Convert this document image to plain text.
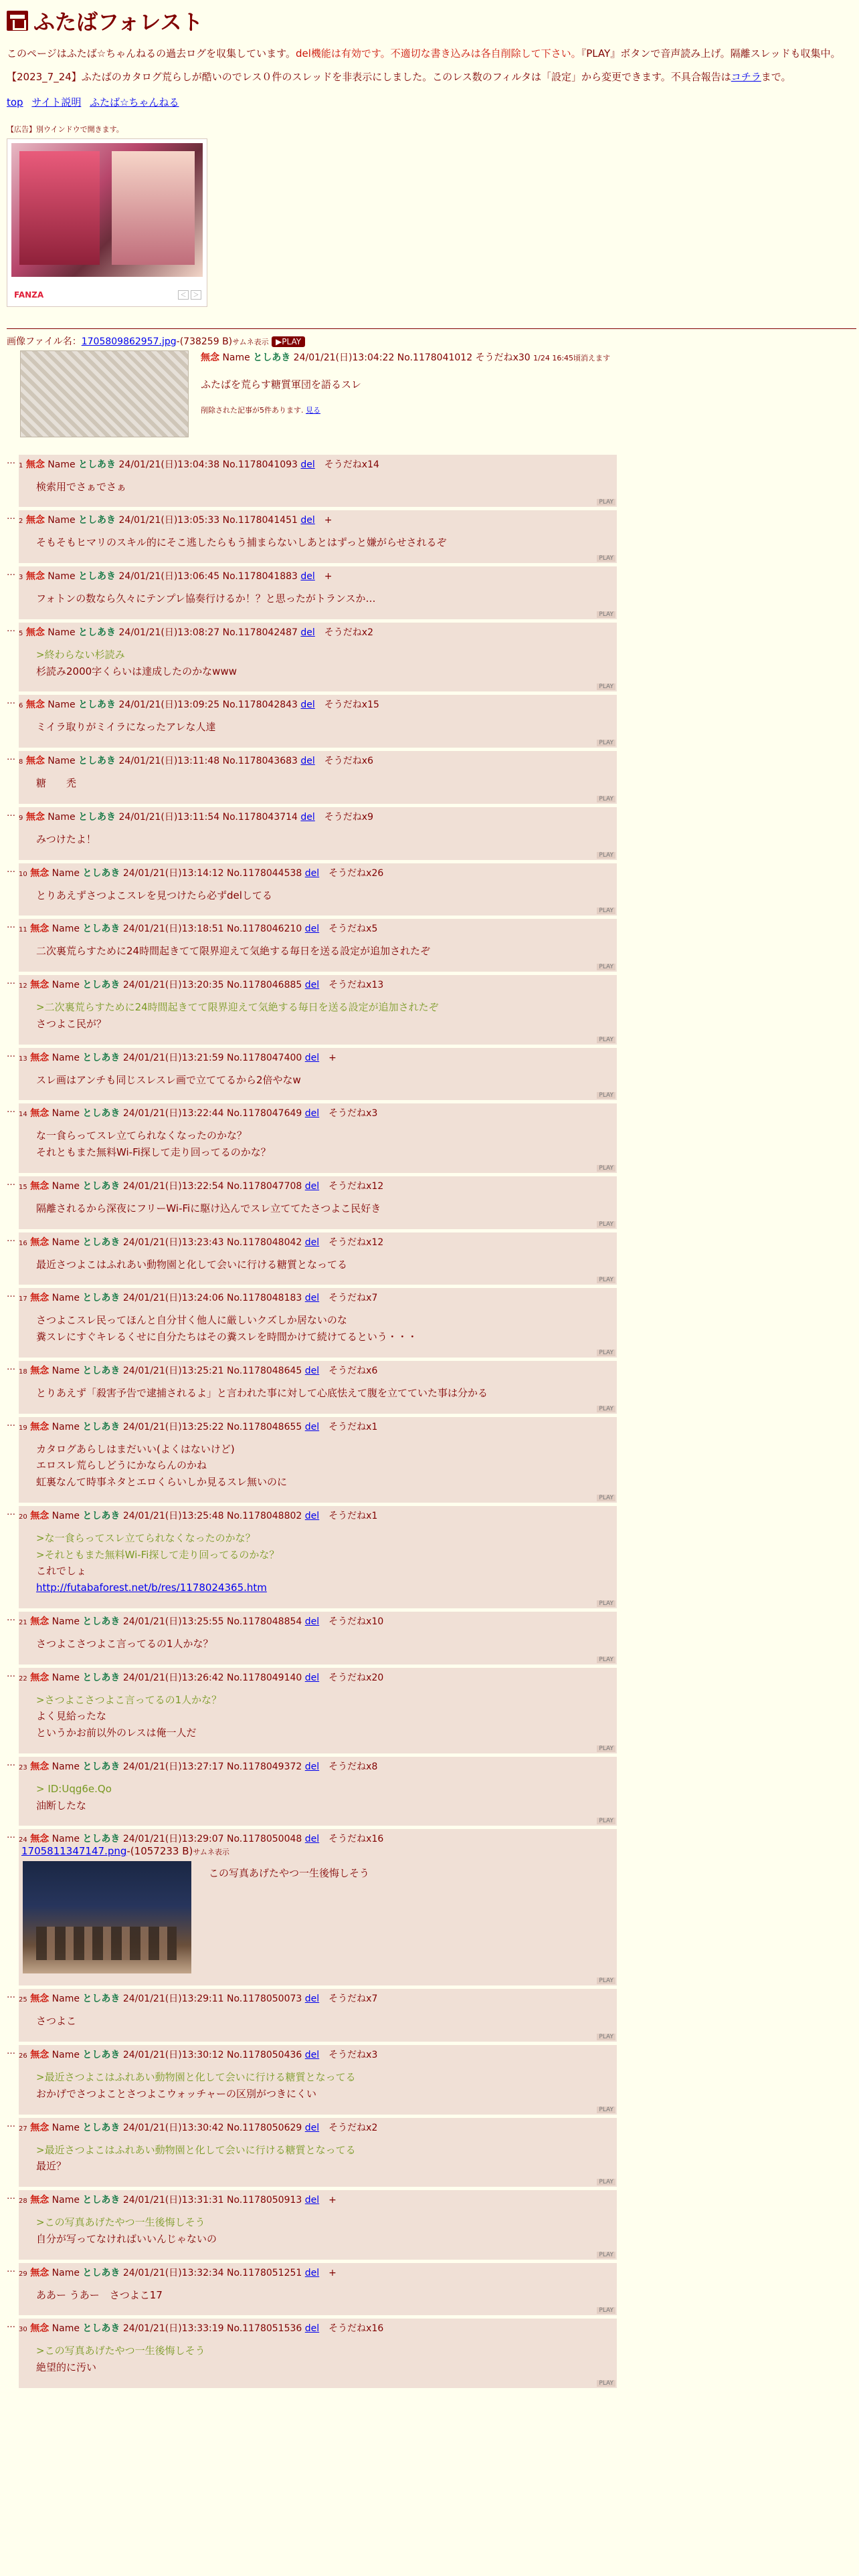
ふたばフォレスト

このページはふたば☆ちゃんねるの過去ログを収集しています。del機能は有効です。不適切な書き込みは各自削除して下さい。『PLAY』ボタンで音声読み上げ。隔離スレッドも収集中。

【2023_7_24】ふたばのカタログ荒らしが酷いのでレス０件のスレッドを非表示にしました。このレス数のフィルタは「設定」から変更できます。不具合報告はコチラまで。

top サイト説明 ふたば☆ちゃんねる
【広告】別ウインドウで開きます。
FANZA	＜	＞
画像ファイル名：1705809862957.jpg-(738259 B)サムネ表示 ▶PLAY
無念 Name としあき 24/01/21(日)13:04:22 No.1178041012 そうだねx30 1/24 16:45頃消えます
ふたばを荒らす糖質軍団を語るスレ
削除された記事が5件あります. 見る
… 1 無念 Name としあき 24/01/21(日)13:04:38 No.1178041093 del　 そうだねx14
検索用でさぁでさぁ
PLAY
… 2 無念 Name としあき 24/01/21(日)13:05:33 No.1178041451 del　 +
そもそもヒマリのスキル的にそこ逃したらもう捕まらないしあとはずっと嫌がらせされるぞ
PLAY
… 3 無念 Name としあき 24/01/21(日)13:06:45 No.1178041883 del　 +
フォトンの数なら久々にテンプレ協奏行けるか！？と思ったがトランスか…
PLAY
… 5 無念 Name としあき 24/01/21(日)13:08:27 No.1178042487 del　 そうだねx2
>終わらない杉読み
杉読み2000字くらいは達成したのかなwww
PLAY
… 6 無念 Name としあき 24/01/21(日)13:09:25 No.1178042843 del　 そうだねx15
ミイラ取りがミイラになったアレな人達
PLAY
… 8 無念 Name としあき 24/01/21(日)13:11:48 No.1178043683 del　 そうだねx6
糖　　禿
PLAY
… 9 無念 Name としあき 24/01/21(日)13:11:54 No.1178043714 del　 そうだねx9
みつけたよ！
PLAY
… 10 無念 Name としあき 24/01/21(日)13:14:12 No.1178044538 del　 そうだねx26
とりあえずさつよこスレを見つけたら必ずdelしてる
PLAY
… 11 無念 Name としあき 24/01/21(日)13:18:51 No.1178046210 del　 そうだねx5
二次裏荒らすために24時間起きてて限界迎えて気絶する毎日を送る設定が追加されたぞ
PLAY
… 12 無念 Name としあき 24/01/21(日)13:20:35 No.1178046885 del　 そうだねx13
>二次裏荒らすために24時間起きてて限界迎えて気絶する毎日を送る設定が追加されたぞ
さつよこ民が？
PLAY
… 13 無念 Name としあき 24/01/21(日)13:21:59 No.1178047400 del　 +
スレ画はアンチも同じスレスレ画で立ててるから2倍やなw
PLAY
… 14 無念 Name としあき 24/01/21(日)13:22:44 No.1178047649 del　 そうだねx3
な一食らってスレ立てられなくなったのかな？
それともまた無料Wi-Fi探して走り回ってるのかな？
PLAY
… 15 無念 Name としあき 24/01/21(日)13:22:54 No.1178047708 del　 そうだねx12
隔離されるから深夜にフリーWi-Fiに駆け込んでスレ立ててたさつよこ民好き
PLAY
… 16 無念 Name としあき 24/01/21(日)13:23:43 No.1178048042 del　 そうだねx12
最近さつよこはふれあい動物園と化して会いに行ける糖質となってる
PLAY
… 17 無念 Name としあき 24/01/21(日)13:24:06 No.1178048183 del　 そうだねx7
さつよこスレ民ってほんと自分甘く他人に厳しいクズしか居ないのな
糞スレにすぐキレるくせに自分たちはその糞スレを時間かけて続けてるという・・・
PLAY
… 18 無念 Name としあき 24/01/21(日)13:25:21 No.1178048645 del　 そうだねx6
とりあえず「殺害予告で逮捕されるよ」と言われた事に対して心底怯えて腹を立てていた事は分かる
PLAY
… 19 無念 Name としあき 24/01/21(日)13:25:22 No.1178048655 del　 そうだねx1
カタログあらしはまだいい(よくはないけど)
エロスレ荒らしどうにかならんのかね
虹裏なんて時事ネタとエロくらいしか見るスレ無いのに
PLAY
… 20 無念 Name としあき 24/01/21(日)13:25:48 No.1178048802 del　 そうだねx1
>な一食らってスレ立てられなくなったのかな？
>それともまた無料Wi-Fi探して走り回ってるのかな？
これでしょ
http://futabaforest.net/b/res/1178024365.htm
PLAY
… 21 無念 Name としあき 24/01/21(日)13:25:55 No.1178048854 del　 そうだねx10
さつよこさつよこ言ってるの1人かな？
PLAY
… 22 無念 Name としあき 24/01/21(日)13:26:42 No.1178049140 del　 そうだねx20
>さつよこさつよこ言ってるの1人かな？
よく見給ったな
というかお前以外のレスは俺一人だ
PLAY
… 23 無念 Name としあき 24/01/21(日)13:27:17 No.1178049372 del　 そうだねx8
> ID:Uqg6e.Qo
油断したな
PLAY
… 24 無念 Name としあき 24/01/21(日)13:29:07 No.1178050048 del　 そうだねx16
1705811347147.png-(1057233 B)サムネ表示
この写真あげたやつ一生後悔しそう
PLAY
… 25 無念 Name としあき 24/01/21(日)13:29:11 No.1178050073 del　 そうだねx7
さつよこ
PLAY
… 26 無念 Name としあき 24/01/21(日)13:30:12 No.1178050436 del　 そうだねx3
>最近さつよこはふれあい動物園と化して会いに行ける糖質となってる
おかげでさつよことさつよこウォッチャーの区別がつきにくい
PLAY
… 27 無念 Name としあき 24/01/21(日)13:30:42 No.1178050629 del　 そうだねx2
>最近さつよこはふれあい動物園と化して会いに行ける糖質となってる
最近？
PLAY
… 28 無念 Name としあき 24/01/21(日)13:31:31 No.1178050913 del　 +
>この写真あげたやつ一生後悔しそう
自分が写ってなければいいんじゃないの
PLAY
… 29 無念 Name としあき 24/01/21(日)13:32:34 No.1178051251 del　 +
ああー うあー　さつよこ17
PLAY
… 30 無念 Name としあき 24/01/21(日)13:33:19 No.1178051536 del　 そうだねx16
>この写真あげたやつ一生後悔しそう
絶望的に汚い
PLAY
